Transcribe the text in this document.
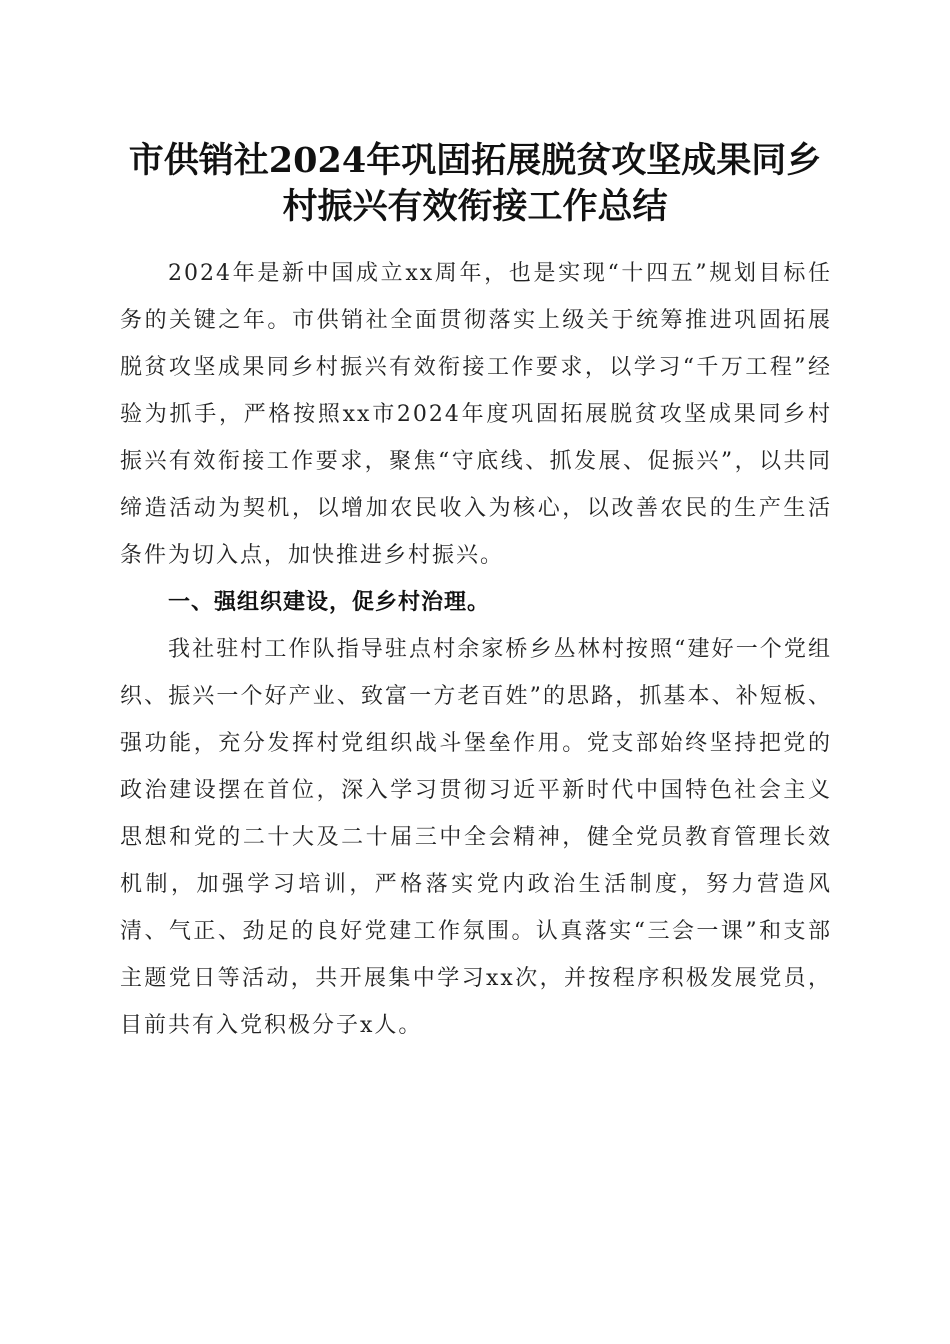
市供销社2024年巩固拓展脱贫攻坚成果同乡
村振兴有效衔接工作总结

2024年是新中国成立xx周年，也是实现“十四五”规划目标任务的关键之年。市供销社全面贯彻落实上级关于统筹推进巩固拓展脱贫攻坚成果同乡村振兴有效衔接工作要求，以学习“千万工程”经验为抓手，严格按照xx市2024年度巩固拓展脱贫攻坚成果同乡村振兴有效衔接工作要求，聚焦“守底线、抓发展、促振兴”，以共同缔造活动为契机，以增加农民收入为核心，以改善农民的生产生活条件为切入点，加快推进乡村振兴。

一、强组织建设，促乡村治理。

我社驻村工作队指导驻点村余家桥乡丛林村按照“建好一个党组织、振兴一个好产业、致富一方老百姓”的思路，抓基本、补短板、强功能，充分发挥村党组织战斗堡垒作用。党支部始终坚持把党的政治建设摆在首位，深入学习贯彻习近平新时代中国特色社会主义思想和党的二十大及二十届三中全会精神，健全党员教育管理长效机制，加强学习培训，严格落实党内政治生活制度，努力营造风清、气正、劲足的良好党建工作氛围。认真落实“三会一课”和支部主题党日等活动，共开展集中学习xx次，并按程序积极发展党员，目前共有入党积极分子x人。
